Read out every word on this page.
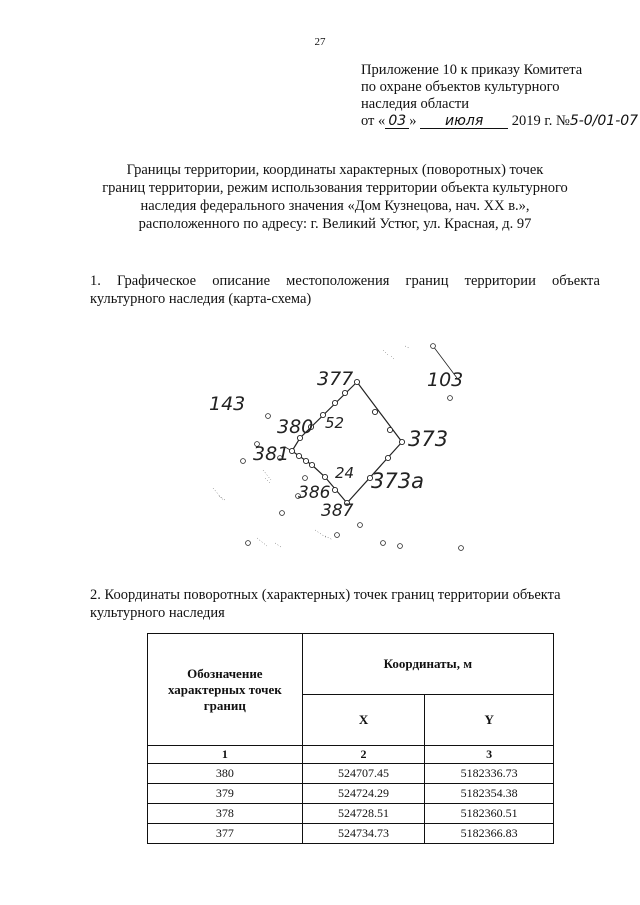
27
Приложение 10 к приказу Комитета
по охране объектов культурного
наследия области
от « 03 » июля 2019 г. №5-0/01-07
Границы территории, координаты характерных (поворотных) точек
границ территории, режим использования территории объекта культурного
наследия федерального значения «Дом Кузнецова, нач. XX в.»,
расположенного по адресу: г. Великий Устюг, ул. Красная, д. 97
1. Графическое описание местоположения границ территории объекта
культурного наследия (карта-схема)
377
380
381
373
373а
386
387
52
24
143
103
2. Координаты поворотных (характерных) точек границ территории объекта
культурного наследия
Обозначение характерных точек границ	Координаты, м	
	X	Y
1	2	3
380	524707.45	5182336.73
379	524724.29	5182354.38
378	524728.51	5182360.51
377	524734.73	5182366.83
